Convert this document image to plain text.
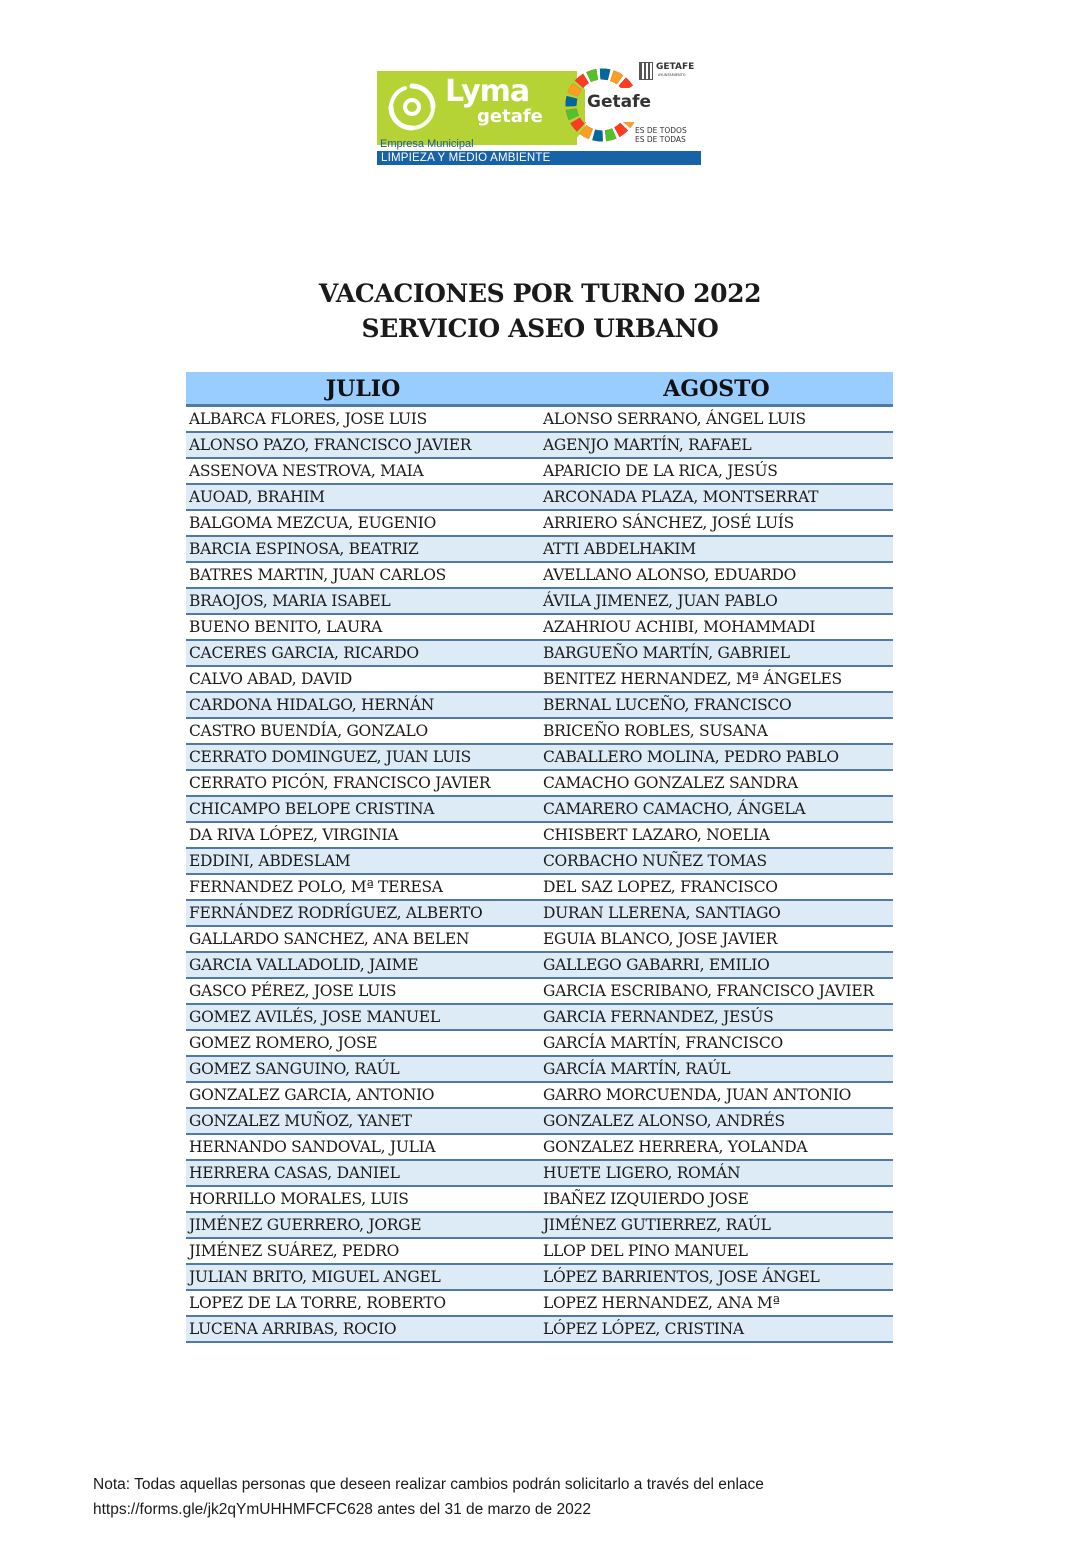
Lyma
getafe
Empresa Municipal
LIMPIEZA Y MEDIO AMBIENTE
Getafe
GETAFE
AYUNTAMIENTO
ES DE TODOS
ES DE TODAS
VACACIONES POR TURNO 2022
SERVICIO ASEO URBANO
JULIO	AGOSTO
ALBARCA FLORES, JOSE LUIS	ALONSO SERRANO, ÁNGEL LUIS
ALONSO PAZO, FRANCISCO JAVIER	AGENJO MARTÍN, RAFAEL
ASSENOVA NESTROVA, MAIA	APARICIO DE LA RICA, JESÚS
AUOAD, BRAHIM	ARCONADA PLAZA, MONTSERRAT
BALGOMA MEZCUA, EUGENIO	ARRIERO SÁNCHEZ, JOSÉ LUÍS
BARCIA ESPINOSA, BEATRIZ	ATTI ABDELHAKIM
BATRES MARTIN, JUAN CARLOS	AVELLANO ALONSO, EDUARDO
BRAOJOS, MARIA ISABEL	ÁVILA JIMENEZ, JUAN PABLO
BUENO BENITO, LAURA	AZAHRIOU ACHIBI, MOHAMMADI
CACERES GARCIA, RICARDO	BARGUEÑO MARTÍN, GABRIEL
CALVO ABAD, DAVID	BENITEZ HERNANDEZ, Mª ÁNGELES
CARDONA HIDALGO, HERNÁN	BERNAL LUCEÑO, FRANCISCO
CASTRO BUENDÍA, GONZALO	BRICEÑO ROBLES, SUSANA
CERRATO DOMINGUEZ, JUAN LUIS	CABALLERO MOLINA, PEDRO PABLO
CERRATO PICÓN, FRANCISCO JAVIER	CAMACHO GONZALEZ SANDRA
CHICAMPO BELOPE CRISTINA	CAMARERO CAMACHO, ÁNGELA
DA RIVA LÓPEZ, VIRGINIA	CHISBERT LAZARO, NOELIA
EDDINI, ABDESLAM	CORBACHO NUÑEZ TOMAS
FERNANDEZ POLO, Mª TERESA	DEL SAZ LOPEZ, FRANCISCO
FERNÁNDEZ RODRÍGUEZ, ALBERTO	DURAN LLERENA, SANTIAGO
GALLARDO SANCHEZ, ANA BELEN	EGUIA BLANCO, JOSE JAVIER
GARCIA VALLADOLID, JAIME	GALLEGO GABARRI, EMILIO
GASCO PÉREZ, JOSE LUIS	GARCIA ESCRIBANO, FRANCISCO JAVIER
GOMEZ AVILÉS, JOSE MANUEL	GARCIA FERNANDEZ, JESÚS
GOMEZ ROMERO, JOSE	GARCÍA MARTÍN, FRANCISCO
GOMEZ SANGUINO, RAÚL	GARCÍA MARTÍN, RAÚL
GONZALEZ GARCIA, ANTONIO	GARRO MORCUENDA, JUAN ANTONIO
GONZALEZ MUÑOZ, YANET	GONZALEZ ALONSO, ANDRÉS
HERNANDO SANDOVAL, JULIA	GONZALEZ HERRERA, YOLANDA
HERRERA CASAS, DANIEL	HUETE LIGERO, ROMÁN
HORRILLO MORALES, LUIS	IBAÑEZ IZQUIERDO JOSE
JIMÉNEZ GUERRERO, JORGE	JIMÉNEZ GUTIERREZ, RAÚL
JIMÉNEZ SUÁREZ, PEDRO	LLOP DEL PINO MANUEL
JULIAN BRITO, MIGUEL ANGEL	LÓPEZ BARRIENTOS, JOSE ÁNGEL
LOPEZ DE LA TORRE, ROBERTO	LOPEZ HERNANDEZ, ANA Mª
LUCENA ARRIBAS, ROCIO	LÓPEZ LÓPEZ, CRISTINA
Nota: Todas aquellas personas que deseen realizar cambios podrán solicitarlo a través del enlace
https://forms.gle/jk2qYmUHHMFCFC628 antes del 31 de marzo de 2022
